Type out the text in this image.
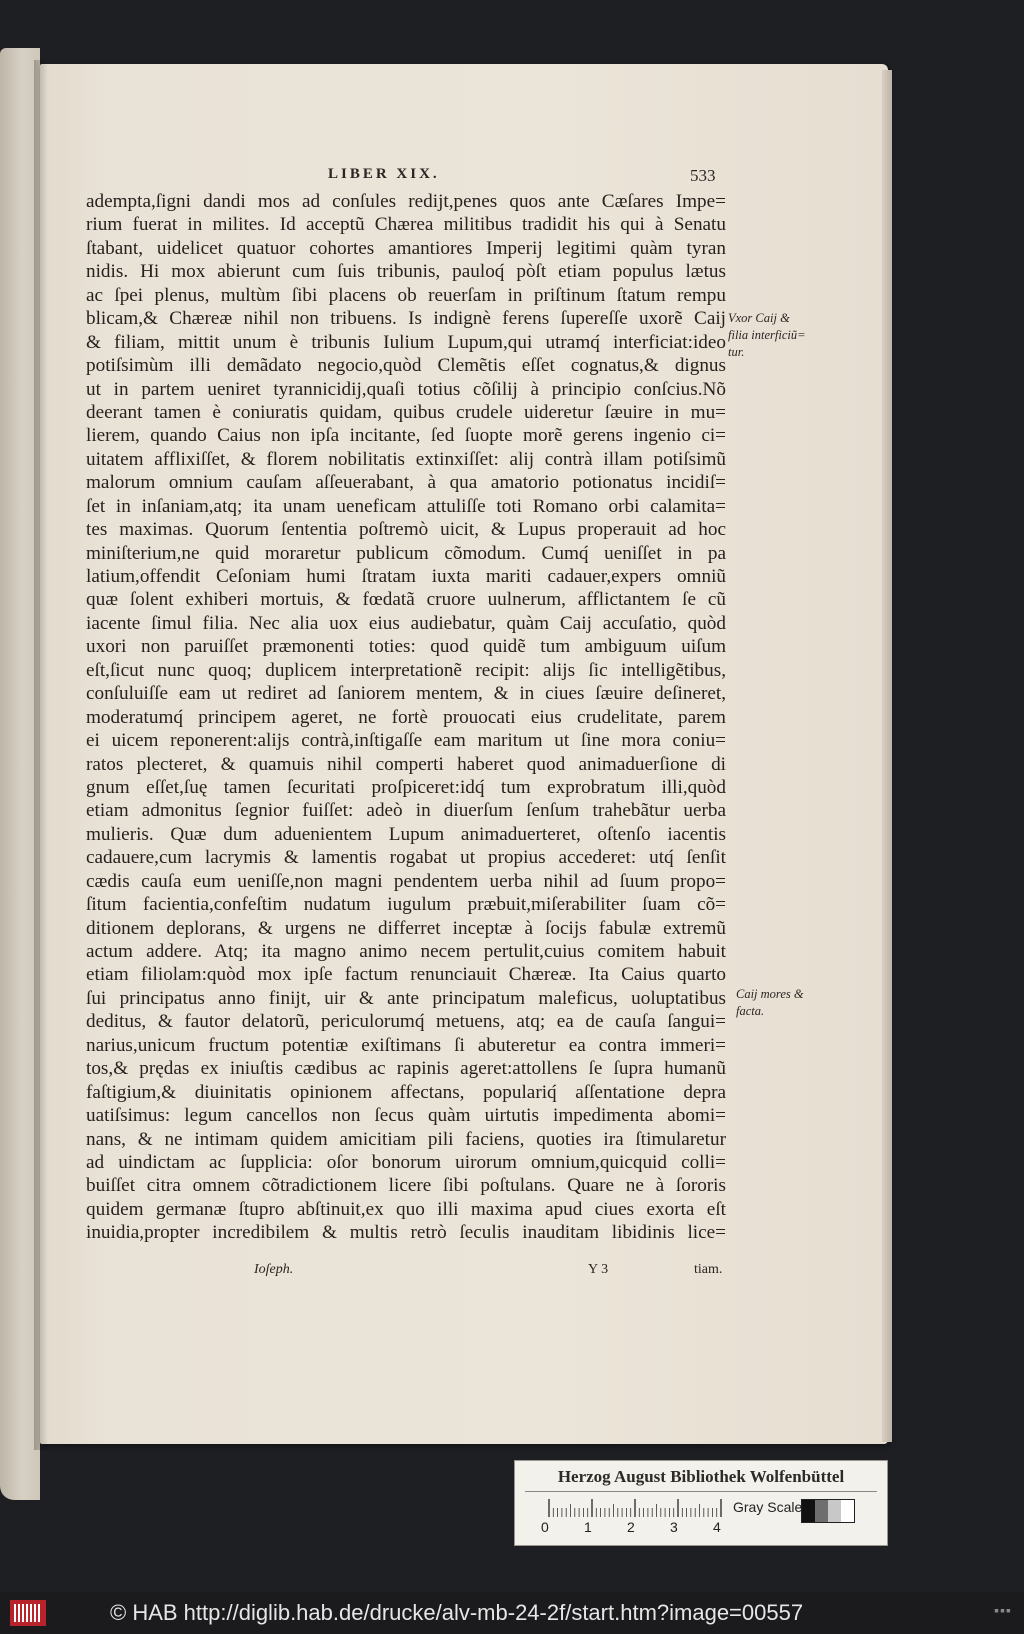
LIBER XIX.	533
ademptа,ſigni dandi mos ad conſules redijt,penes quos ante Cæſares Impe=
rium fuerat in milites. Id acceptũ Chærea militibus tradidit his qui à Senatu
ſtabant, uidelicet quatuor cohortes amantiores Imperij legitimi quàm tyran
nidis. Hi mox abierunt cum ſuis tribunis, pauloq́ pòſt etiam populus lætus
ac ſpei plenus, multùm ſibi placens ob reuerſam in priſtinum ſtatum rempu
blicam,& Chæreæ nihil non tribuens. Is indignè ferens ſupereſſe uxorẽ Caij
& filiam, mittit unum è tribunis Iulium Lupum,qui utramq́ interficiat:ideo
potiſsimùm illi demãdato negocio,quòd Clemẽtis eſſet cognatus,& dignus
ut in partem ueniret tyrannicidij,quaſi totius cõſilij à principio conſcius.Nõ
deerant tamen è coniuratis quidam, quibus crudele uideretur ſæuire in mu=
lierem, quando Caius non ipſa incitante, ſed ſuopte morẽ gerens ingenio ci=
uitatem afflixiſſet, & florem nobilitatis extinxiſſet: alij contrà illam potiſsimũ
malorum omnium cauſam aſſeuerabant, à qua amatorio potionatus incidiſ=
ſet in inſaniam,atq; ita unam ueneficam attuliſſe toti Romano orbi calamita=
tes maximas. Quorum ſententia poſtremò uicit, & Lupus properauit ad hoc
miniſterium,ne quid moraretur publicum cõmodum. Cumq́ ueniſſet in pa
latium,offendit Ceſoniam humi ſtratam iuxta mariti cadauer,expers omniũ
quæ ſolent exhiberi mortuis, & fœdatã cruore uulnerum, afflictantem ſe cũ
iacente ſimul filia. Nec alia uox eius audiebatur, quàm Caij accuſatio, quòd
uxori non paruiſſet præmonenti toties: quod quidẽ tum ambiguum uiſum
eſt,ſicut nunc quoq; duplicem interpretationẽ recipit: alijs ſic intelligẽtibus,
conſuluiſſe eam ut rediret ad ſaniorem mentem, & in ciues ſæuire deſineret,
moderatumq́ principem ageret, ne fortè prouocati eius crudelitate, parem
ei uicem reponerent:alijs contrà,inſtigaſſe eam maritum ut ſine mora coniu=
ratos plecteret, & quamuis nihil comperti haberet quod animaduerſione di
gnum eſſet,ſuę tamen ſecuritati proſpiceret:idq́ tum exprobratum illi,quòd
etiam admonitus ſegnior fuiſſet: adeò in diuerſum ſenſum trahebãtur uerba
mulieris. Quæ dum aduenientem Lupum animaduerteret, oſtenſo iacentis
cadauere,cum lacrymis & lamentis rogabat ut propius accederet: utq́ ſenſit
cædis cauſa eum ueniſſe,non magni pendentem uerba nihil ad ſuum propo=
ſitum facientia,confeſtim nudatum iugulum præbuit,miſerabiliter ſuam cõ=
ditionem deplorans, & urgens ne differret inceptæ à ſocijs fabulæ extremũ
actum addere. Atq; ita magno animo necem pertulit,cuius comitem habuit
etiam filiolam:quòd mox ipſe factum renunciauit Chæreæ. Ita Caius quarto
ſui principatus anno finijt, uir & ante principatum maleficus, uoluptatibus
deditus, & fautor delatorũ, periculorumq́ metuens, atq; ea de cauſa ſangui=
narius,unicum fructum potentiæ exiſtimans ſi abuteretur ea contra immeri=
tos,& prędas ex iniuſtis cædibus ac rapinis ageret:attollens ſe ſupra humanũ
faſtigium,& diuinitatis opinionem affectans, populariq́ aſſentatione depra
uatiſsimus: legum cancellos non ſecus quàm uirtutis impedimenta abomi=
nans, & ne intimam quidem amicitiam pili faciens, quoties ira ſtimularetur
ad uindictam ac ſupplicia: oſor bonorum uirorum omnium,quicquid colli=
buiſſet citra omnem cõtradictionem licere ſibi poſtulans. Quare ne à ſororis
quidem germanæ ſtupro abſtinuit,ex quo illi maxima apud ciues exorta eſt
inuidia,propter incredibilem & multis retrò ſeculis inauditam libidinis lice=
Vxor Caij &
filia interficiũ=
tur.
Caij mores &
facta.
Ioſeph.	Y 3	tiam.
Herzog August Bibliothek Wolfenbüttel
0	1	2	3	4
Gray Scale
© HAB http://diglib.hab.de/drucke/alv-mb-24-2f/start.htm?image=00557	▪▪▪
